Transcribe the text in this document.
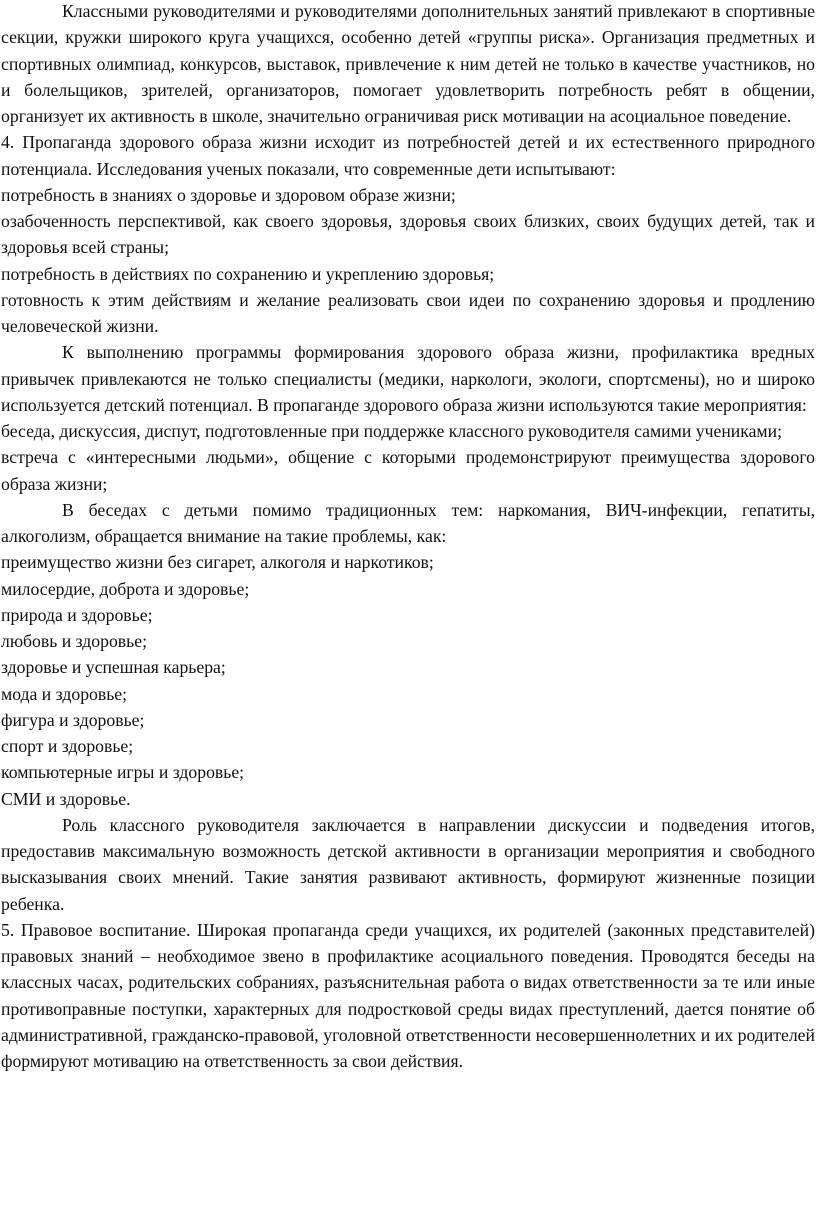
Классными руководителями и руководителями дополнительных занятий привлекают в спортивные секции, кружки широкого круга учащихся, особенно детей «группы риска». Организация предметных и спортивных олимпиад, конкурсов, выставок, привлечение к ним детей не только в качестве участников, но и болельщиков, зрителей, организаторов, помогает удовлетворить потребность ребят в общении, организует их активность в школе, значительно ограничивая риск мотивации на асоциальное поведение.

4. Пропаганда здорового образа жизни исходит из потребностей детей и их естественного природного потенциала. Исследования ученых показали, что современные дети испытывают:

потребность в знаниях о здоровье и здоровом образе жизни;

озабоченность перспективой, как своего здоровья, здоровья своих близких, своих будущих детей, так и здоровья всей страны;

потребность в действиях по сохранению и укреплению здоровья;

готовность к этим действиям и желание реализовать свои идеи по сохранению здоровья и продлению человеческой жизни.

К выполнению программы формирования здорового образа жизни, профилактика вредных привычек привлекаются не только специалисты (медики, наркологи, экологи, спортсмены), но и широко используется детский потенциал. В пропаганде здорового образа жизни используются такие мероприятия:

беседа, дискуссия, диспут, подготовленные при поддержке классного руководителя самими учениками;

встреча с «интересными людьми», общение с которыми продемонстрируют преимущества здорового образа жизни;

В беседах с детьми помимо традиционных тем: наркомания, ВИЧ-инфекции, гепатиты, алкоголизм, обращается внимание на такие проблемы, как:

преимущество жизни без сигарет, алкоголя и наркотиков;

милосердие, доброта и здоровье;

природа и здоровье;

любовь и здоровье;

здоровье и успешная карьера;

мода и здоровье;

фигура и здоровье;

спорт и здоровье;

компьютерные игры и здоровье;

СМИ и здоровье.

Роль классного руководителя заключается в направлении дискуссии и подведения итогов, предоставив максимальную возможность детской активности в организации мероприятия и свободного высказывания своих мнений. Такие занятия развивают активность, формируют жизненные позиции ребенка.

5. Правовое воспитание. Широкая пропаганда среди учащихся, их родителей (законных представителей) правовых знаний – необходимое звено в профилактике асоциального поведения. Проводятся беседы на классных часах, родительских собраниях, разъяснительная работа о видах ответственности за те или иные противоправные поступки, характерных для подростковой среды видах преступлений, дается понятие об административной, гражданско-правовой, уголовной ответственности несовершеннолетних и их родителей формируют мотивацию на ответственность за свои действия.
